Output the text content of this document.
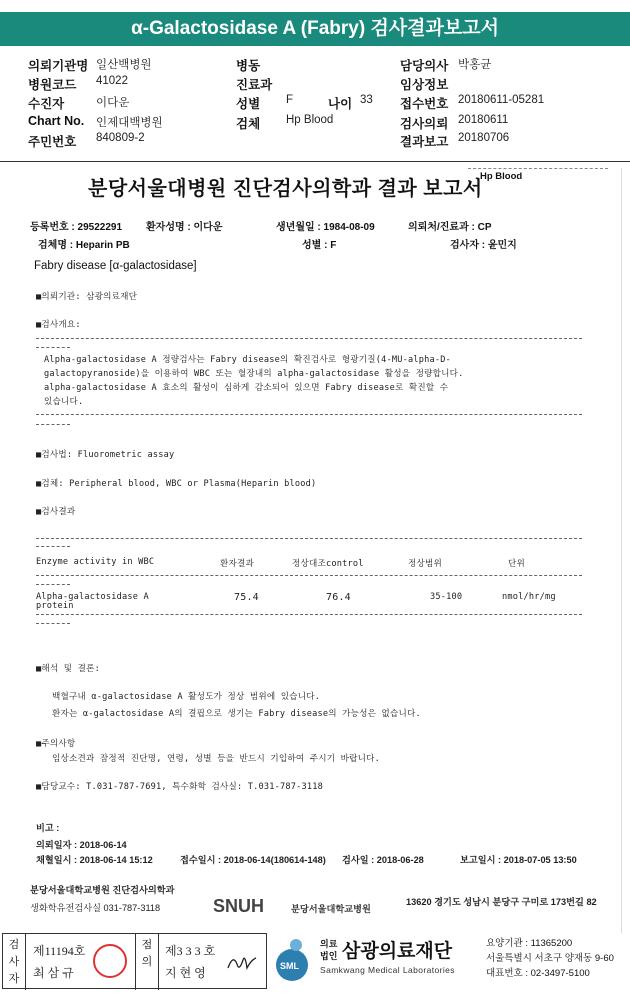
α-Galactosidase A (Fabry) 검사결과보고서
의뢰기관명 일산백병원	병동	담당의사 박홍균
병원코드 41022	진료과	임상정보
수진자	이다운	성별 F	나이 33 접수번호 20180611-05281
Chart No. 인제대백병원	검체 Hp Blood	검사의뢰 20180611
주민번호 840809-2	결과보고 20180706
분당서울대병원 진단검사의학과 결과 보고서
Hp Blood
등록번호 : 29522291 환자성명 : 이다운	생년월일 : 1984-08-09	의뢰처/진료과 : CP
검체명 : Heparin PB	성별 : F	검사자 : 윤민지
Fabry disease [α-galactosidase]
■의뢰기관: 삼광의료재단
■검사개요:
Alpha-galactosidase A 정량검사는 Fabry disease의 확진검사로 형광기질(4-MU-alpha-D-
galactopyranoside)을 이용하여 WBC 또는 혈장내의 alpha-galactosidase 활성을 정량합니다.
alpha-galactosidase A 효소의 활성이 심하게 감소되어 있으면 Fabry disease로 확진할 수
있습니다.
■검사법: Fluorometric assay
■검체: Peripheral blood, WBC or Plasma(Heparin blood)
■검사결과
Enzyme activity in WBC	환자결과	정상대조control	정상범위	단위
Alpha-galactosidase A
protein
75.4	76.4	35-100	nmol/hr/mg
■해석 및 결론:
백혈구내 α-galactosidase A 활성도가 정상 범위에 있습니다.
환자는 α-galactosidase A의 결핍으로 생기는 Fabry disease의 가능성은 없습니다.
■주의사항
임상소견과 잠정적 진단명, 연령, 성별 등을 반드시 기입하여 주시기 바랍니다.
■담당교수: T.031-787-7691, 특수화학 검사실: T.031-787-3118
비고 :
의뢰일자 : 2018-06-14
채혈일시 : 2018-06-14 15:12	접수일시 : 2018-06-14(180614-148) 검사일 : 2018-06-28	보고일시 : 2018-07-05 13:50
분당서울대학교병원 진단검사의학과
생화학유전검사실 031-787-3118	SNUH	분당서울대학교병원
13620 경기도 성남시 분당구 구미로 173번길 82
검
사
자
제11194호
최 삼 규
점
의
제3 3 3 호
지 현 영	SML
의료
법인 삼광의료재단
Samkwang Medical Laboratories
요양기관 : 11365200
서울특별시 서초구 양재동 9-60
대표번호 : 02-3497-5100
